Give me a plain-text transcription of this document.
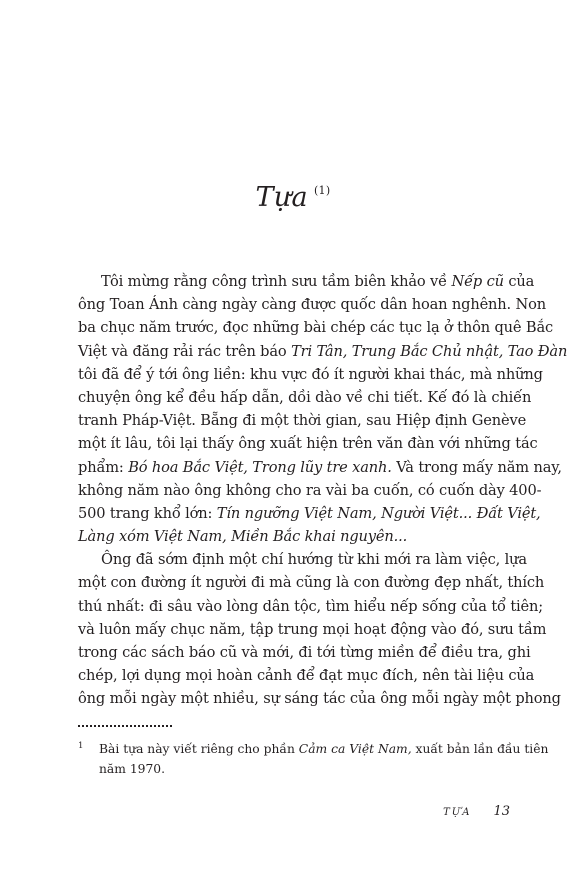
Tựa $^{(1)}$
Tôi mừng rằng công trình sưu tầm biên khảo về Nếp cũ của
ông Toan Ánh càng ngày càng được quốc dân hoan nghênh. Non
ba chục năm trước, đọc những bài chép các tục lạ ở thôn quê Bắc
Việt và đăng rải rác trên báo Tri Tân, Trung Bắc Chủ nhật, Tao Đàn
tôi đã để ý tới ông liền: khu vực đó ít người khai thác, mà những
chuyện ông kể đều hấp dẫn, dồi dào về chi tiết. Kế đó là chiến
tranh Pháp-Việt. Bẵng đi một thời gian, sau Hiệp định Genève
một ít lâu, tôi lại thấy ông xuất hiện trên văn đàn với những tác
phẩm: Bó hoa Bắc Việt, Trong lũy tre xanh. Và trong mấy năm nay,
không năm nào ông không cho ra vài ba cuốn, có cuốn dày 400-
500 trang khổ lớn: Tín ngưỡng Việt Nam, Người Việt... Đất Việt,
Làng xóm Việt Nam, Miền Bắc khai nguyên...
Ông đã sớm định một chí hướng từ khi mới ra làm việc, lựa
một con đường ít người đi mà cũng là con đường đẹp nhất, thích
thú nhất: đi sâu vào lòng dân tộc, tìm hiểu nếp sống của tổ tiên;
và luôn mấy chục năm, tập trung mọi hoạt động vào đó, sưu tầm
trong các sách báo cũ và mới, đi tới từng miền để điều tra, ghi
chép, lợi dụng mọi hoàn cảnh để đạt mục đích, nên tài liệu của
ông mỗi ngày một nhiều, sự sáng tác của ông mỗi ngày một phong
1 Bài tựa này viết riêng cho phần Cảm ca Việt Nam, xuất bản lần đầu tiên
năm 1970.
TỰA 13
